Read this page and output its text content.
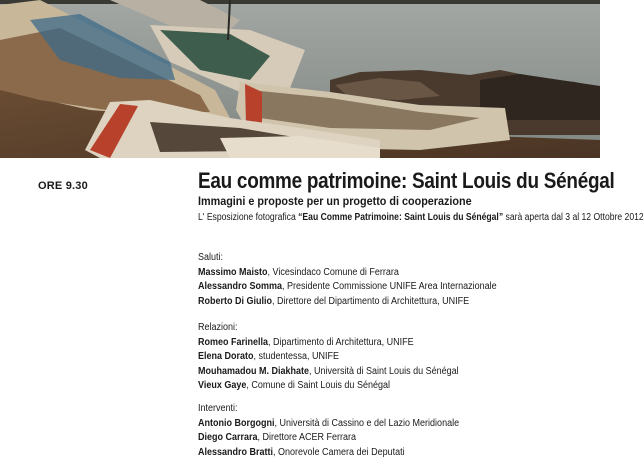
ORE 9.30	Eau comme patrimoine: Saint Louis du Sénégal
Immagini e proposte per un progetto di cooperazione
L' Esposizione fotografica “Eau Comme Patrimoine: Saint Louis du Sénégal” sarà aperta dal 3 al 12 Ottobre 2012
Saluti:
Massimo Maisto, Vicesindaco Comune di Ferrara
Alessandro Somma, Presidente Commissione UNIFE Area Internazionale
Roberto Di Giulio, Direttore del Dipartimento di Architettura, UNIFE
Relazioni:
Romeo Farinella, Dipartimento di Architettura, UNIFE
Elena Dorato, studentessa, UNIFE
Mouhamadou M. Diakhate, Università di Saint Louis du Sénégal
Vieux Gaye, Comune di Saint Louis du Sénégal
Interventi:
Antonio Borgogni, Università di Cassino e del Lazio Meridionale
Diego Carrara, Direttore ACER Ferrara
Alessandro Bratti, Onorevole Camera dei Deputati
